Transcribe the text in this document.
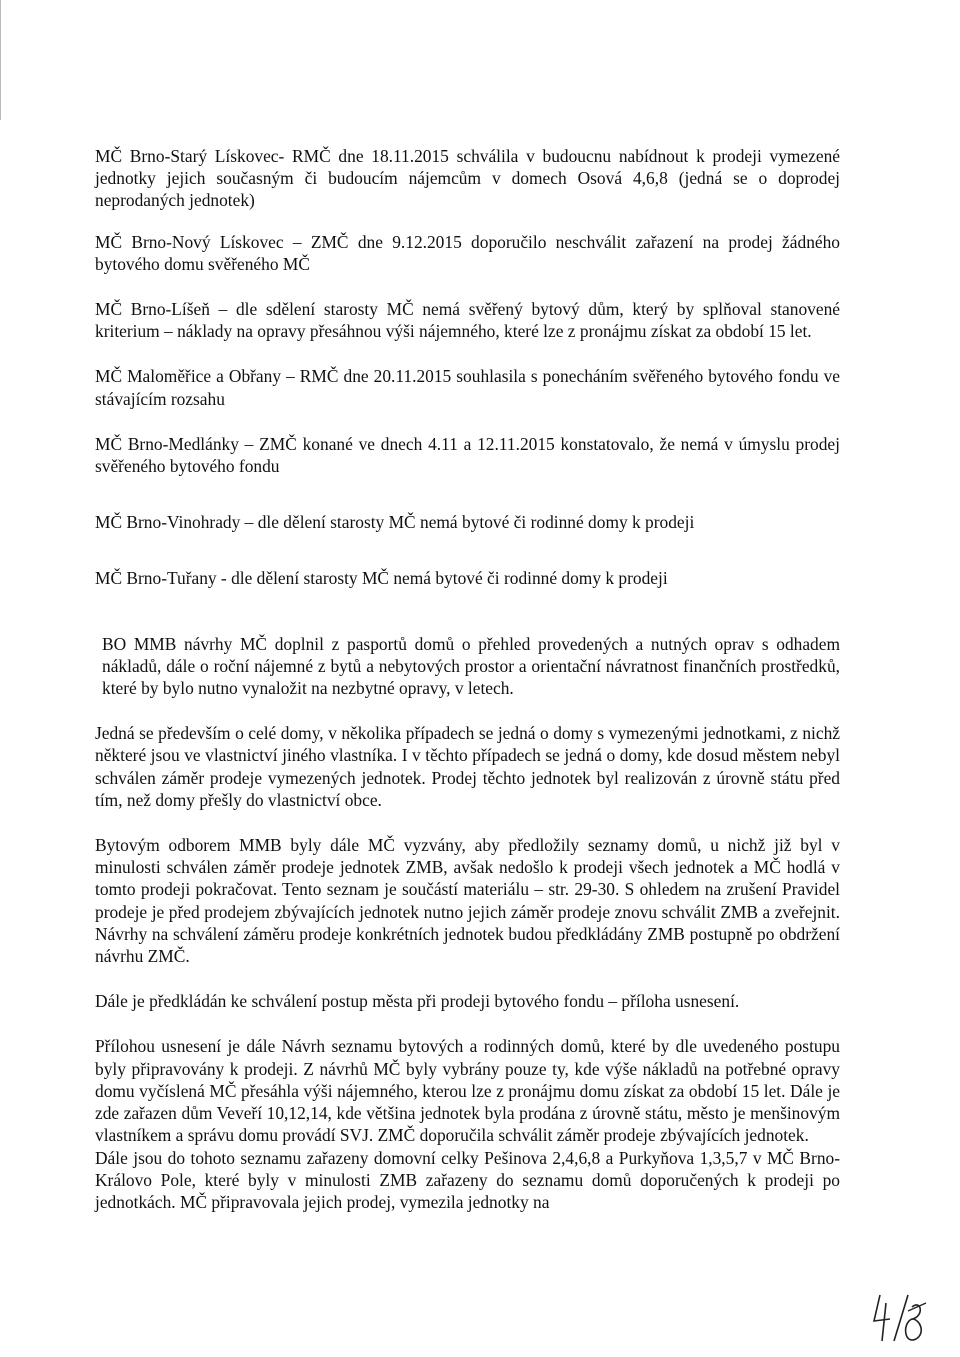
MČ Brno-Starý Lískovec- RMČ dne 18.11.2015 schválila v budoucnu nabídnout k prodeji vymezené jednotky jejich současným či budoucím nájemcům v domech Osová 4,6,8 (jedná se o doprodej neprodaných jednotek)

MČ Brno-Nový Lískovec – ZMČ dne 9.12.2015 doporučilo neschválit zařazení na prodej žádného bytového domu svěřeného MČ

MČ Brno-Líšeň – dle sdělení starosty MČ nemá svěřený bytový dům, který by splňoval stanovené kriterium – náklady na opravy přesáhnou výši nájemného, které lze z pronájmu získat za období 15 let.

MČ Maloměřice a Obřany – RMČ dne 20.11.2015 souhlasila s ponecháním svěřeného bytového fondu ve stávajícím rozsahu

MČ Brno-Medlánky – ZMČ konané ve dnech 4.11 a 12.11.2015 konstatovalo, že nemá v úmyslu prodej svěřeného bytového fondu

MČ Brno-Vinohrady – dle dělení starosty MČ nemá bytové či rodinné domy k prodeji

MČ Brno-Tuřany - dle dělení starosty MČ nemá bytové či rodinné domy k prodeji

BO MMB návrhy MČ doplnil z pasportů domů o přehled provedených a nutných oprav s odhadem nákladů, dále o roční nájemné z bytů a nebytových prostor a orientační návratnost finančních prostředků, které by bylo nutno vynaložit na nezbytné opravy, v letech.

Jedná se především o celé domy, v několika případech se jedná o domy s vymezenými jednotkami, z nichž některé jsou ve vlastnictví jiného vlastníka. I v těchto případech se jedná o domy, kde dosud městem nebyl schválen záměr prodeje vymezených jednotek. Prodej těchto jednotek byl realizován z úrovně státu před tím, než domy přešly do vlastnictví obce.

Bytovým odborem MMB byly dále MČ vyzvány, aby předložily seznamy domů, u nichž již byl v minulosti schválen záměr prodeje jednotek ZMB, avšak nedošlo k prodeji všech jednotek a MČ hodlá v tomto prodeji pokračovat. Tento seznam je součástí materiálu – str. 29-30. S ohledem na zrušení Pravidel prodeje je před prodejem zbývajících jednotek nutno jejich záměr prodeje znovu schválit ZMB a zveřejnit. Návrhy na schválení záměru prodeje konkrétních jednotek budou předkládány ZMB postupně po obdržení návrhu ZMČ.

Dále je předkládán ke schválení postup města při prodeji bytového fondu – příloha usnesení.

Přílohou usnesení je dále Návrh seznamu bytových a rodinných domů, které by dle uvedeného postupu byly připravovány k prodeji. Z návrhů MČ byly vybrány pouze ty, kde výše nákladů na potřebné opravy domu vyčíslená MČ přesáhla výši nájemného, kterou lze z pronájmu domu získat za období 15 let. Dále je zde zařazen dům Veveří 10,12,14, kde většina jednotek byla prodána z úrovně státu, město je menšinovým vlastníkem a správu domu provádí SVJ. ZMČ doporučila schválit záměr prodeje zbývajících jednotek.

Dále jsou do tohoto seznamu zařazeny domovní celky Pešinova 2,4,6,8 a Purkyňova 1,3,5,7 v MČ Brno-Královo Pole, které byly v minulosti ZMB zařazeny do seznamu domů doporučených k prodeji po jednotkách. MČ připravovala jejich prodej, vymezila jednotky na
